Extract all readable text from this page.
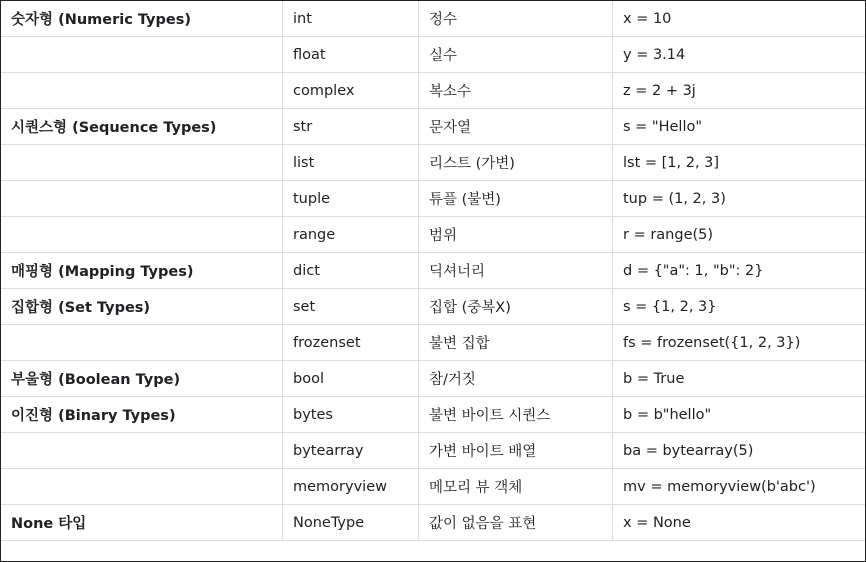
숫자형 (Numeric Types)	int	정수	x = 10
	float	실수	y = 3.14
	complex	복소수	z = 2 + 3j
시퀀스형 (Sequence Types)	str	문자열	s = "Hello"
	list	리스트 (가변)	lst = [1, 2, 3]
	tuple	튜플 (불변)	tup = (1, 2, 3)
	range	범위	r = range(5)
매핑형 (Mapping Types)	dict	딕셔너리	d = {"a": 1, "b": 2}
집합형 (Set Types)	set	집합 (중복X)	s = {1, 2, 3}
	frozenset	불변 집합	fs = frozenset({1, 2, 3})
부울형 (Boolean Type)	bool	참/거짓	b = True
이진형 (Binary Types)	bytes	불변 바이트 시퀀스	b = b"hello"
	bytearray	가변 바이트 배열	ba = bytearray(5)
	memoryview	메모리 뷰 객체	mv = memoryview(b'abc')
None 타입	NoneType	값이 없음을 표현	x = None
